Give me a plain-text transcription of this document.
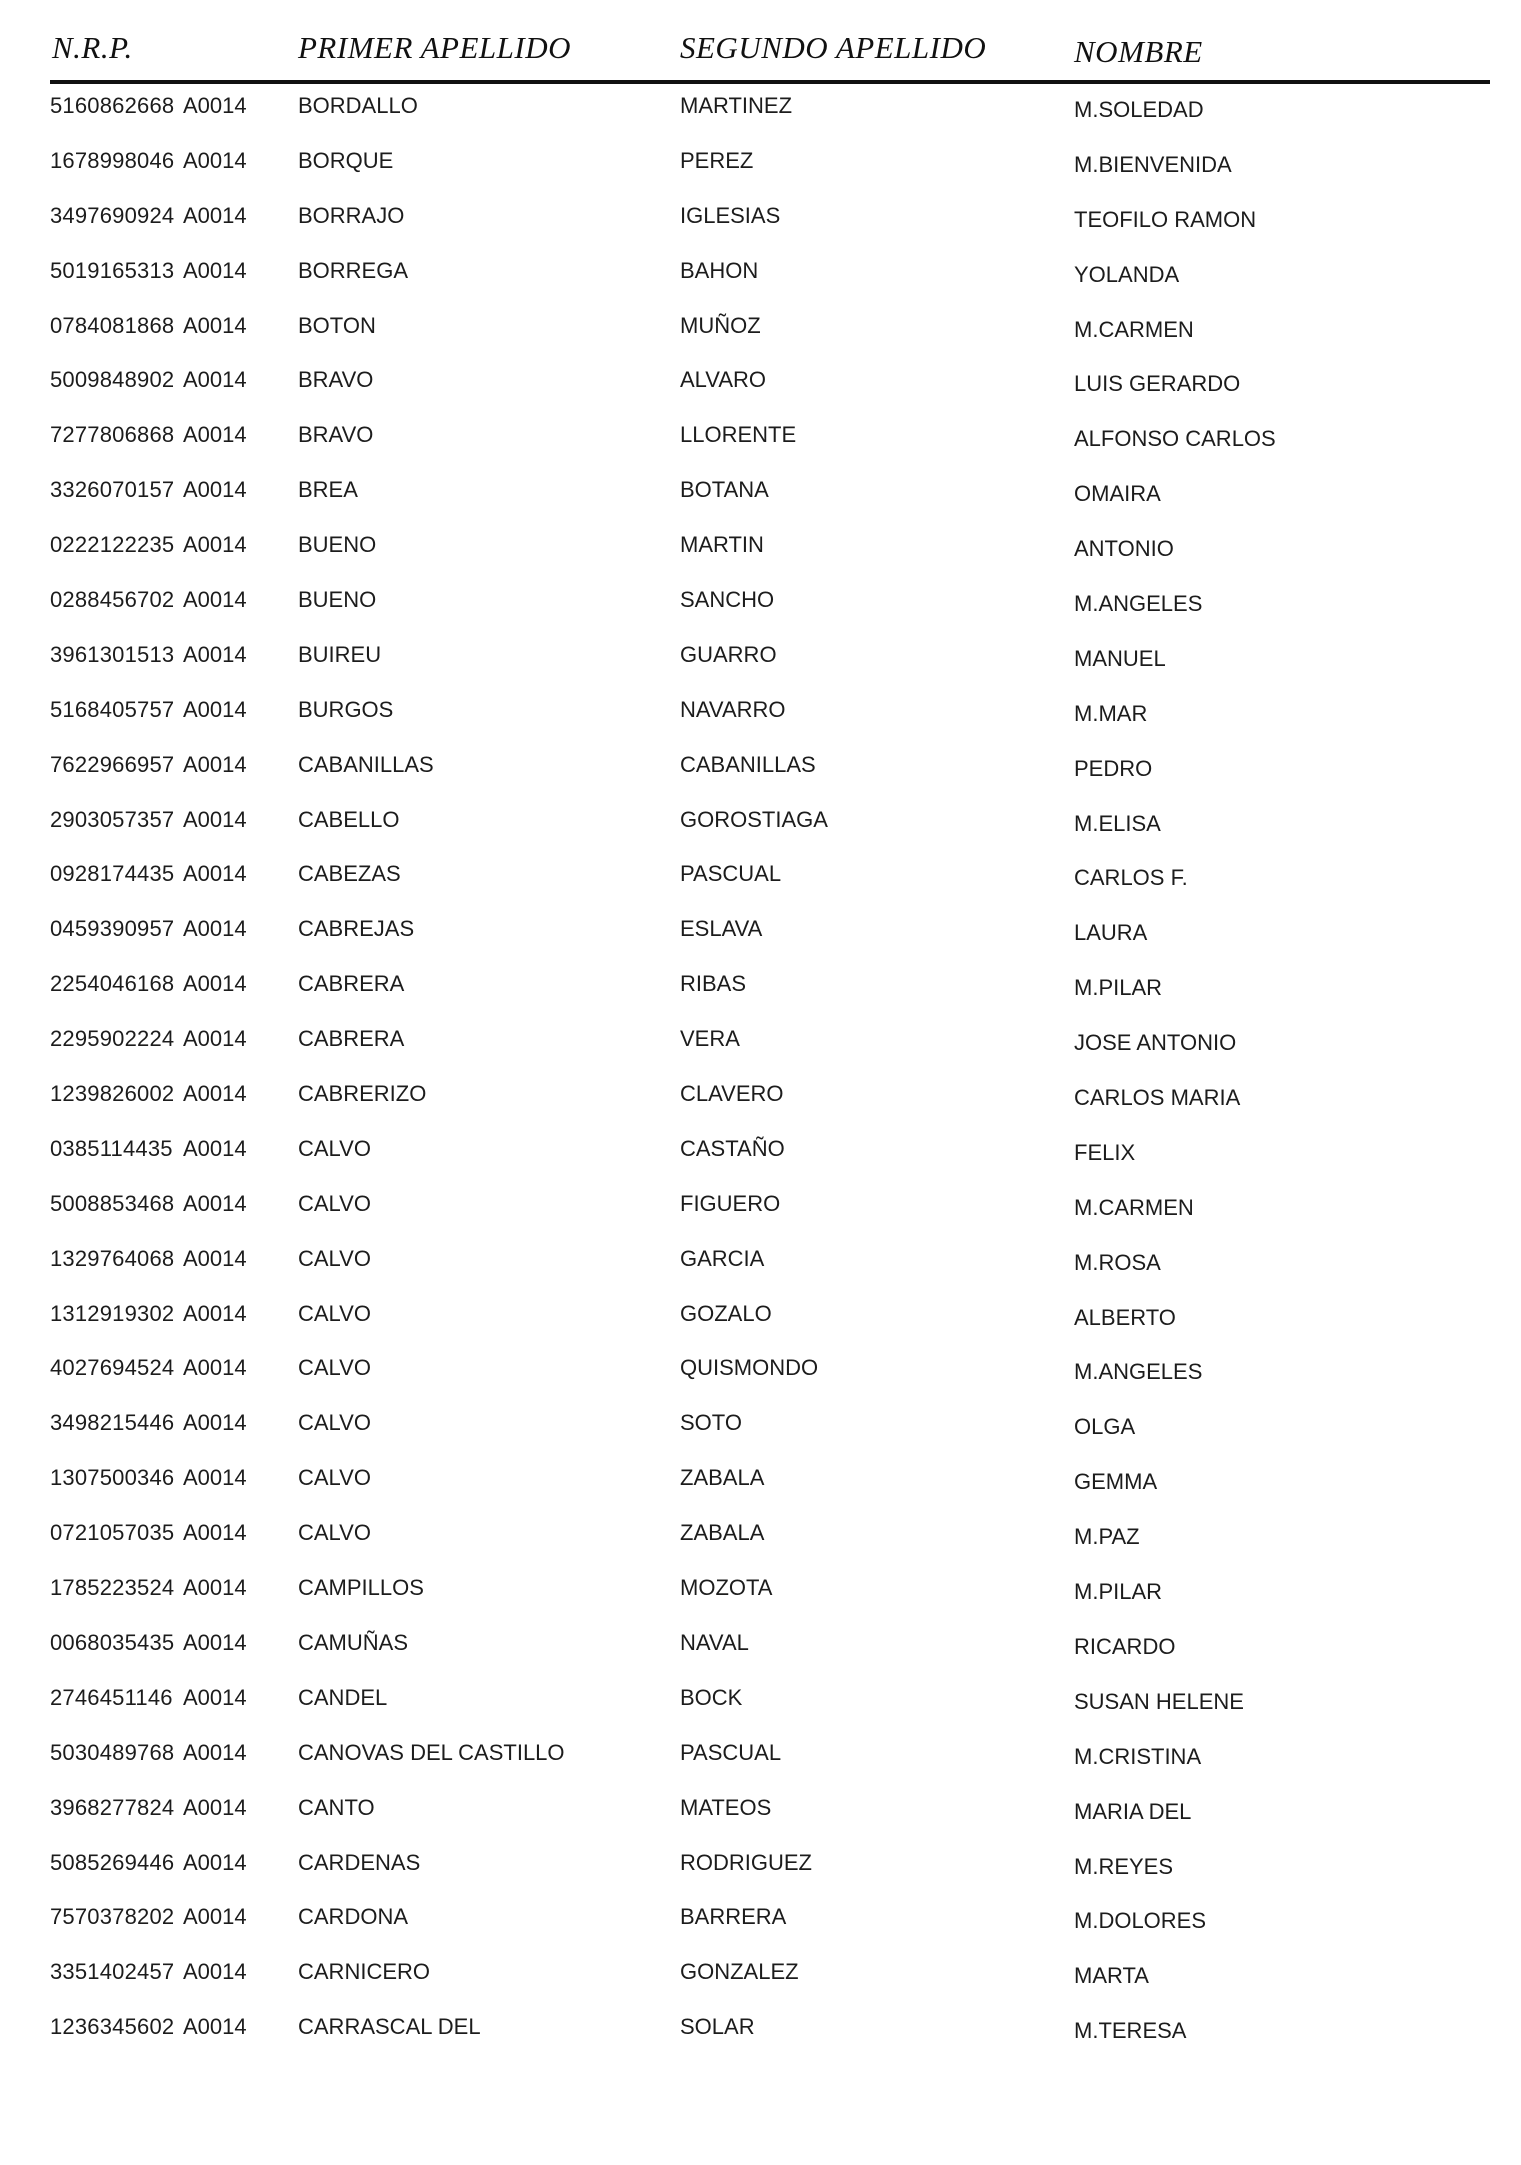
N.R.P.	PRIMER APELLIDO	SEGUNDO APELLIDO	NOMBRE
5160862668 A0014 BORDALLO	MARTINEZ	M.SOLEDAD
1678998046 A0014 BORQUE	PEREZ	M.BIENVENIDA
3497690924 A0014 BORRAJO	IGLESIAS	TEOFILO RAMON
5019165313 A0014 BORREGA	BAHON	YOLANDA
0784081868 A0014 BOTON	MUÑOZ	M.CARMEN
5009848902 A0014 BRAVO	ALVARO	LUIS GERARDO
7277806868 A0014 BRAVO	LLORENTE	ALFONSO CARLOS
3326070157 A0014 BREA	BOTANA	OMAIRA
0222122235 A0014 BUENO	MARTIN	ANTONIO
0288456702 A0014 BUENO	SANCHO	M.ANGELES
3961301513 A0014 BUIREU	GUARRO	MANUEL
5168405757 A0014 BURGOS	NAVARRO	M.MAR
7622966957 A0014 CABANILLAS	CABANILLAS	PEDRO
2903057357 A0014 CABELLO	GOROSTIAGA	M.ELISA
0928174435 A0014 CABEZAS	PASCUAL	CARLOS F.
0459390957 A0014 CABREJAS	ESLAVA	LAURA
2254046168 A0014 CABRERA	RIBAS	M.PILAR
2295902224 A0014 CABRERA	VERA	JOSE ANTONIO
1239826002 A0014 CABRERIZO	CLAVERO	CARLOS MARIA
0385114435 A0014 CALVO	CASTAÑO	FELIX
5008853468 A0014 CALVO	FIGUERO	M.CARMEN
1329764068 A0014 CALVO	GARCIA	M.ROSA
1312919302 A0014 CALVO	GOZALO	ALBERTO
4027694524 A0014 CALVO	QUISMONDO	M.ANGELES
3498215446 A0014 CALVO	SOTO	OLGA
1307500346 A0014 CALVO	ZABALA	GEMMA
0721057035 A0014 CALVO	ZABALA	M.PAZ
1785223524 A0014 CAMPILLOS	MOZOTA	M.PILAR
0068035435 A0014 CAMUÑAS	NAVAL	RICARDO
2746451146 A0014 CANDEL	BOCK	SUSAN HELENE
5030489768 A0014 CANOVAS DEL CASTILLO	PASCUAL	M.CRISTINA
3968277824 A0014 CANTO	MATEOS	MARIA DEL
5085269446 A0014 CARDENAS	RODRIGUEZ	M.REYES
7570378202 A0014 CARDONA	BARRERA	M.DOLORES
3351402457 A0014 CARNICERO	GONZALEZ	MARTA
1236345602 A0014 CARRASCAL DEL	SOLAR	M.TERESA
